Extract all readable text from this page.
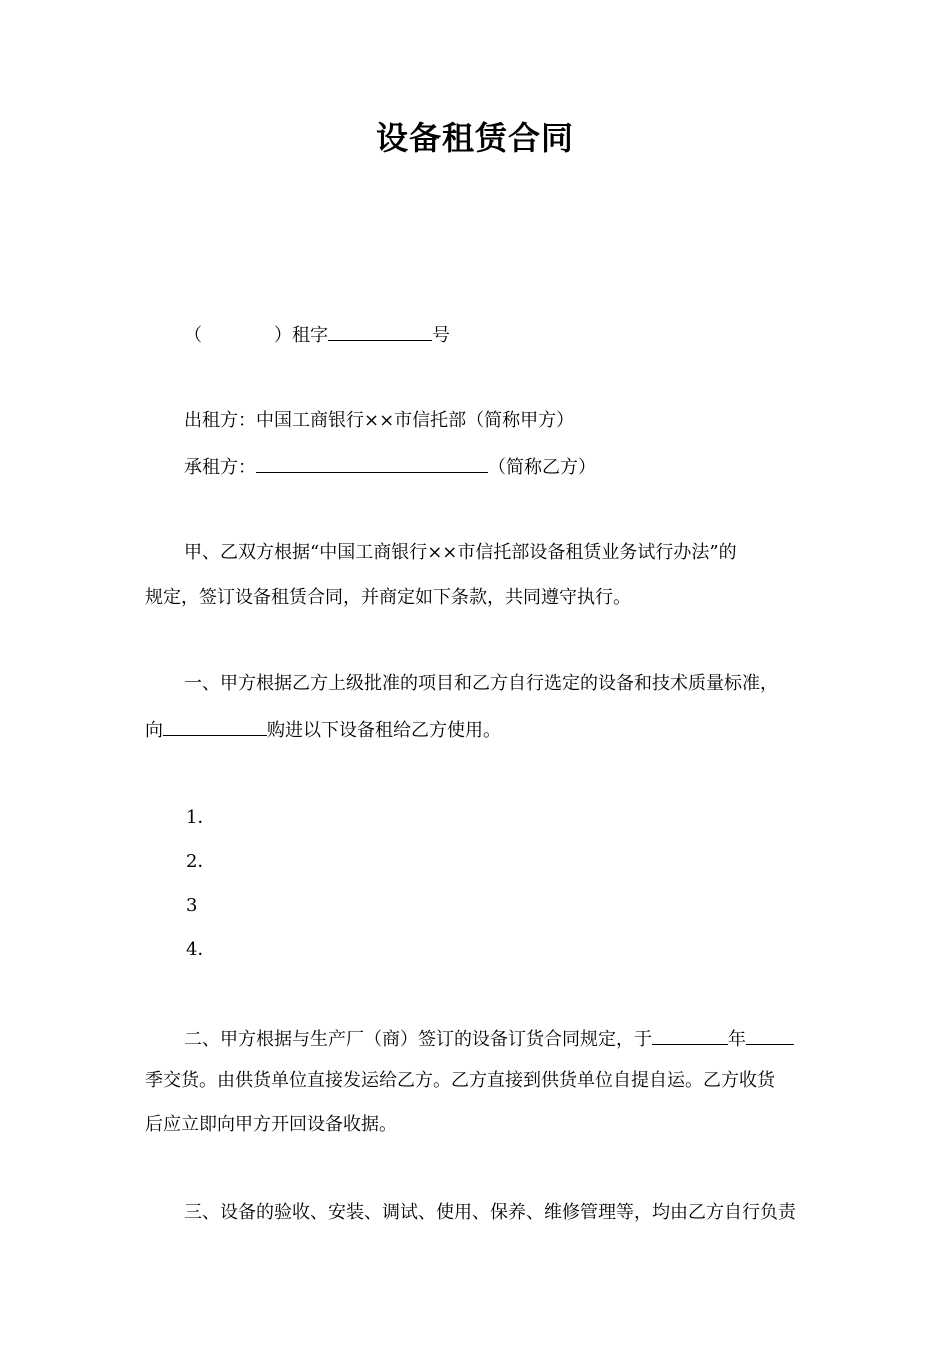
设备租赁合同
（	）租字	号
出租方：中国工商银行××市信托部（简称甲方）
承租方：	（简称乙方）
甲、乙双方根据“中国工商银行××市信托部设备租赁业务试行办法”的
规定，签订设备租赁合同，并商定如下条款，共同遵守执行。
一、甲方根据乙方上级批准的项目和乙方自行选定的设备和技术质量标准，
向	购进以下设备租给乙方使用。
1．
2．
3
4．
二、甲方根据与生产厂（商）签订的设备订货合同规定，于	年
季交货。由供货单位直接发运给乙方。乙方直接到供货单位自提自运。乙方收货
后应立即向甲方开回设备收据。
三、设备的验收、安装、调试、使用、保养、维修管理等，均由乙方自行负责
